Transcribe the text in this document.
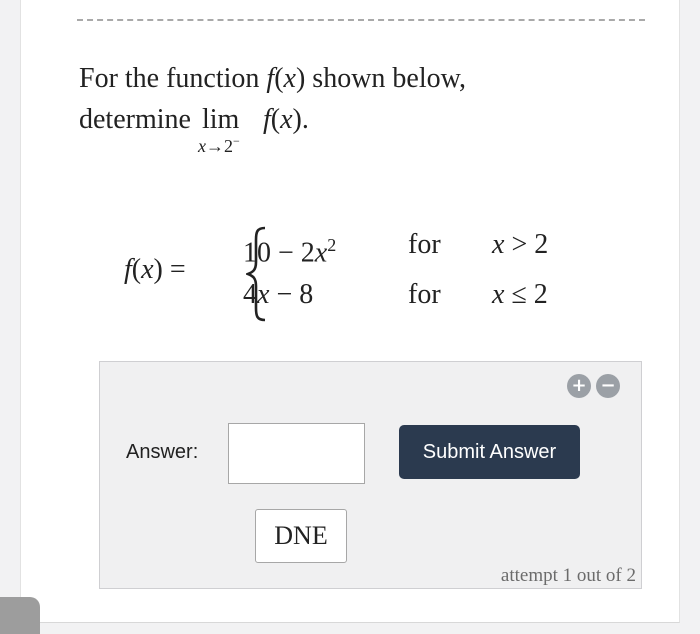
For the function f(x) shown below,
determine lim
x→2−
f(x).
f(x) =
$10 - 2x^2$	for x > 2
4x − 8	for x ≤ 2
+ −
Answer:	Submit Answer
DNE
attempt 1 out of 2
